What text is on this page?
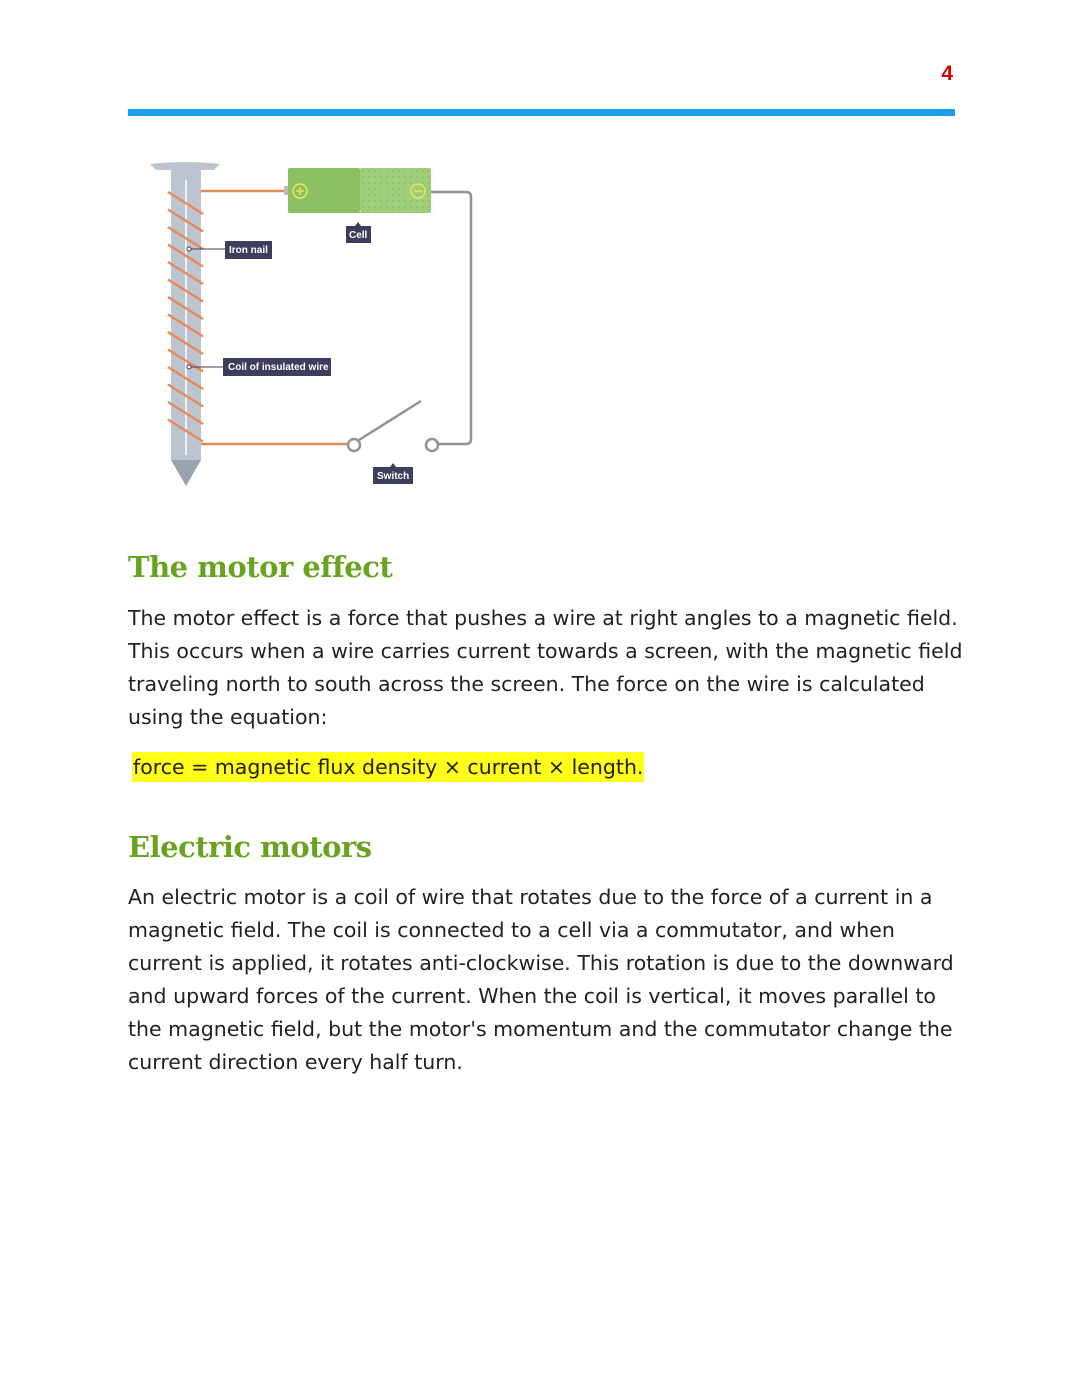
4
Iron nail
Coil of insulated wire
Cell
Switch
The motor effect

The motor effect is a force that pushes a wire at right angles to a magnetic field. This occurs when a wire carries current towards a screen, with the magnetic field traveling north to south across the screen. The force on the wire is calculated using the equation:

force = magnetic flux density × current × length.
Electric motors

An electric motor is a coil of wire that rotates due to the force of a current in a magnetic field. The coil is connected to a cell via a commutator, and when current is applied, it rotates anti-clockwise. This rotation is due to the downward and upward forces of the current. When the coil is vertical, it moves parallel to the magnetic field, but the motor's momentum and the commutator change the current direction every half turn.
